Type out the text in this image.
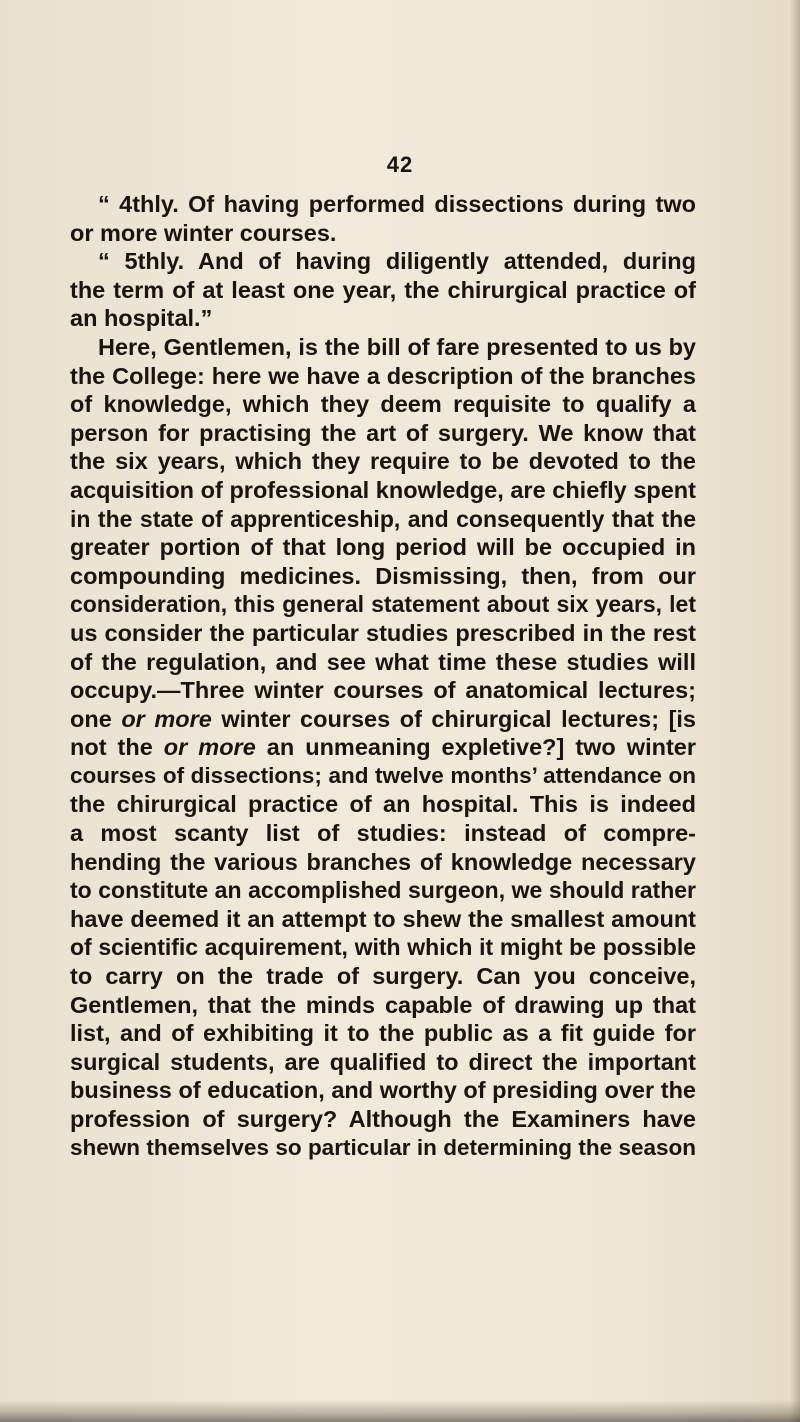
42
“ 4thly. Of having performed dissections during two
or more winter courses.
“ 5thly. And of having diligently attended, during
the term of at least one year, the chirurgical practice of
an hospital.”
Here, Gentlemen, is the bill of fare presented to us by
the College: here we have a description of the branches
of knowledge, which they deem requisite to qualify a
person for practising the art of surgery. We know that
the six years, which they require to be devoted to the
acquisition of professional knowledge, are chiefly spent
in the state of apprenticeship, and consequently that the
greater portion of that long period will be occupied in
compounding medicines. Dismissing, then, from our
consideration, this general statement about six years, let
us consider the particular studies prescribed in the rest
of the regulation, and see what time these studies will
occupy.—Three winter courses of anatomical lectures;
one or more winter courses of chirurgical lectures; [is
not the or more an unmeaning expletive?] two winter
courses of dissections; and twelve months’ attendance on
the chirurgical practice of an hospital. This is indeed
a most scanty list of studies: instead of compre-
hending the various branches of knowledge necessary
to constitute an accomplished surgeon, we should rather
have deemed it an attempt to shew the smallest amount
of scientific acquirement, with which it might be possible
to carry on the trade of surgery. Can you conceive,
Gentlemen, that the minds capable of drawing up that
list, and of exhibiting it to the public as a fit guide for
surgical students, are qualified to direct the important
business of education, and worthy of presiding over the
profession of surgery? Although the Examiners have
shewn themselves so particular in determining the season
